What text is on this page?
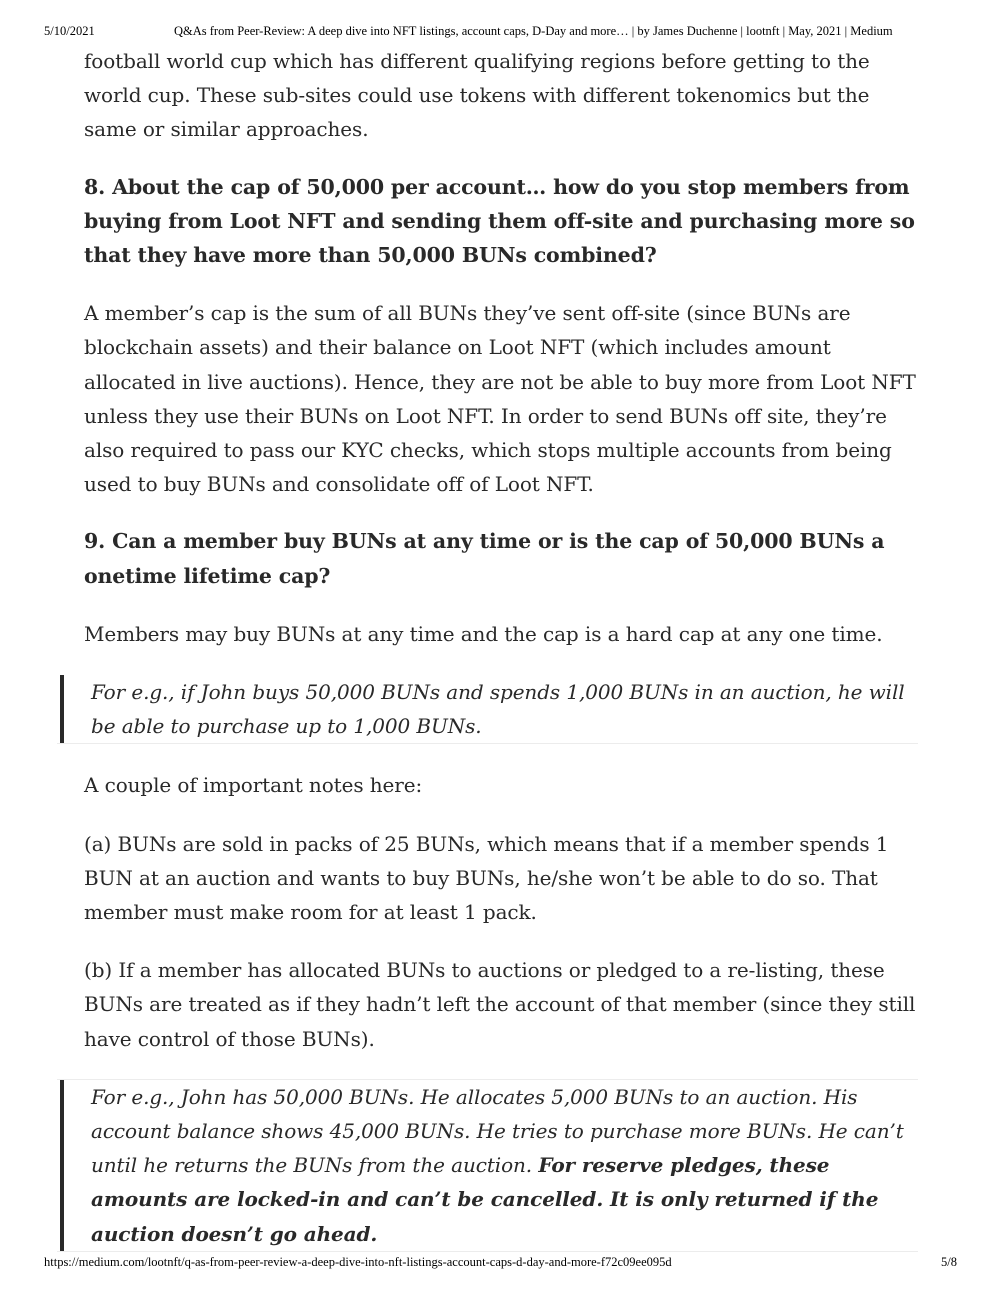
5/10/2021	Q&As from Peer-Review: A deep dive into NFT listings, account caps, D-Day and more… | by James Duchenne | lootnft | May, 2021 | Medium

football world cup which has different qualifying regions before getting to the world cup. These sub-sites could use tokens with different tokenomics but the same or similar approaches.

8. About the cap of 50,000 per account… how do you stop members from buying from Loot NFT and sending them off-site and purchasing more so that they have more than 50,000 BUNs combined?

A member’s cap is the sum of all BUNs they’ve sent off-site (since BUNs are blockchain assets) and their balance on Loot NFT (which includes amount allocated in live auctions). Hence, they are not be able to buy more from Loot NFT unless they use their BUNs on Loot NFT. In order to send BUNs off site, they’re also required to pass our KYC checks, which stops multiple accounts from being used to buy BUNs and consolidate off of Loot NFT.

9. Can a member buy BUNs at any time or is the cap of 50,000 BUNs a onetime lifetime cap?

Members may buy BUNs at any time and the cap is a hard cap at any one time.

For e.g., if John buys 50,000 BUNs and spends 1,000 BUNs in an auction, he will be able to purchase up to 1,000 BUNs.

A couple of important notes here:

(a) BUNs are sold in packs of 25 BUNs, which means that if a member spends 1 BUN at an auction and wants to buy BUNs, he/she won’t be able to do so. That member must make room for at least 1 pack.

(b) If a member has allocated BUNs to auctions or pledged to a re-listing, these BUNs are treated as if they hadn’t left the account of that member (since they still have control of those BUNs).

For e.g., John has 50,000 BUNs. He allocates 5,000 BUNs to an auction. His account balance shows 45,000 BUNs. He tries to purchase more BUNs. He can’t until he returns the BUNs from the auction. For reserve pledges, these amounts are locked-in and can’t be cancelled. It is only returned if the auction doesn’t go ahead.
https://medium.com/lootnft/q-as-from-peer-review-a-deep-dive-into-nft-listings-account-caps-d-day-and-more-f72c09ee095d	5/8
